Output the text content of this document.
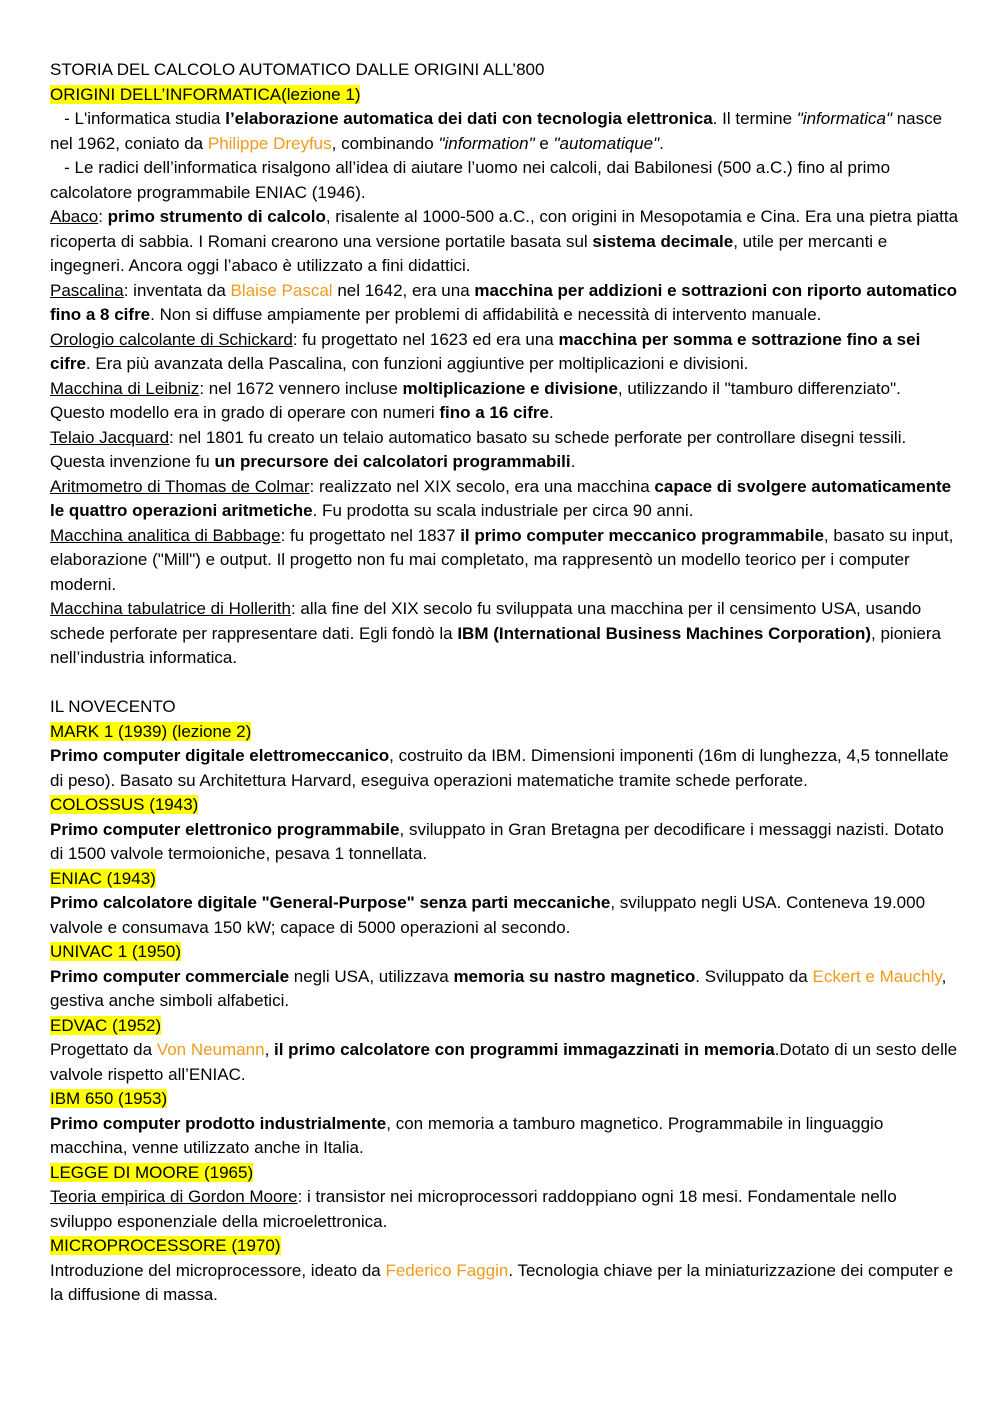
STORIA DEL CALCOLO AUTOMATICO DALLE ORIGINI ALL’800
ORIGINI DELL’INFORMATICA(lezione 1)
- L'informatica studia l’elaborazione automatica dei dati con tecnologia elettronica. Il termine "informatica" nasce nel 1962, coniato da Philippe Dreyfus, combinando "information" e "automatique".
- Le radici dell’informatica risalgono all’idea di aiutare l’uomo nei calcoli, dai Babilonesi (500 a.C.) fino al primo calcolatore programmabile ENIAC (1946).
Abaco: primo strumento di calcolo, risalente al 1000-500 a.C., con origini in Mesopotamia e Cina. Era una pietra piatta ricoperta di sabbia. I Romani crearono una versione portatile basata sul sistema decimale, utile per mercanti e ingegneri. Ancora oggi l’abaco è utilizzato a fini didattici.
Pascalina: inventata da Blaise Pascal nel 1642, era una macchina per addizioni e sottrazioni con riporto automatico fino a 8 cifre. Non si diffuse ampiamente per problemi di affidabilità e necessità di intervento manuale.
Orologio calcolante di Schickard: fu progettato nel 1623 ed era una macchina per somma e sottrazione fino a sei cifre. Era più avanzata della Pascalina, con funzioni aggiuntive per moltiplicazioni e divisioni.
Macchina di Leibniz: nel 1672 vennero incluse moltiplicazione e divisione, utilizzando il "tamburo differenziato". Questo modello era in grado di operare con numeri fino a 16 cifre.
Telaio Jacquard: nel 1801 fu creato un telaio automatico basato su schede perforate per controllare disegni tessili. Questa invenzione fu un precursore dei calcolatori programmabili.
Aritmometro di Thomas de Colmar: realizzato nel XIX secolo, era una macchina capace di svolgere automaticamente le quattro operazioni aritmetiche. Fu prodotta su scala industriale per circa 90 anni.
Macchina analitica di Babbage: fu progettato nel 1837 il primo computer meccanico programmabile, basato su input, elaborazione ("Mill") e output. Il progetto non fu mai completato, ma rappresentò un modello teorico per i computer moderni.
Macchina tabulatrice di Hollerith: alla fine del XIX secolo fu sviluppata una macchina per il censimento USA, usando schede perforate per rappresentare dati. Egli fondò la IBM (International Business Machines Corporation), pioniera nell’industria informatica.
IL NOVECENTO
MARK 1 (1939) (lezione 2)
Primo computer digitale elettromeccanico, costruito da IBM. Dimensioni imponenti (16m di lunghezza, 4,5 tonnellate di peso). Basato su Architettura Harvard, eseguiva operazioni matematiche tramite schede perforate.
COLOSSUS (1943)
Primo computer elettronico programmabile, sviluppato in Gran Bretagna per decodificare i messaggi nazisti. Dotato di 1500 valvole termoioniche, pesava 1 tonnellata.
ENIAC (1943)
Primo calcolatore digitale "General-Purpose" senza parti meccaniche, sviluppato negli USA. Conteneva 19.000 valvole e consumava 150 kW; capace di 5000 operazioni al secondo.
UNIVAC 1 (1950)
Primo computer commerciale negli USA, utilizzava memoria su nastro magnetico. Sviluppato da Eckert e Mauchly, gestiva anche simboli alfabetici.
EDVAC (1952)
Progettato da Von Neumann, il primo calcolatore con programmi immagazzinati in memoria.Dotato di un sesto delle valvole rispetto all’ENIAC.
IBM 650 (1953)
Primo computer prodotto industrialmente, con memoria a tamburo magnetico. Programmabile in linguaggio macchina, venne utilizzato anche in Italia.
LEGGE DI MOORE (1965)
Teoria empirica di Gordon Moore: i transistor nei microprocessori raddoppiano ogni 18 mesi. Fondamentale nello sviluppo esponenziale della microelettronica.
MICROPROCESSORE (1970)
Introduzione del microprocessore, ideato da Federico Faggin. Tecnologia chiave per la miniaturizzazione dei computer e la diffusione di massa.
